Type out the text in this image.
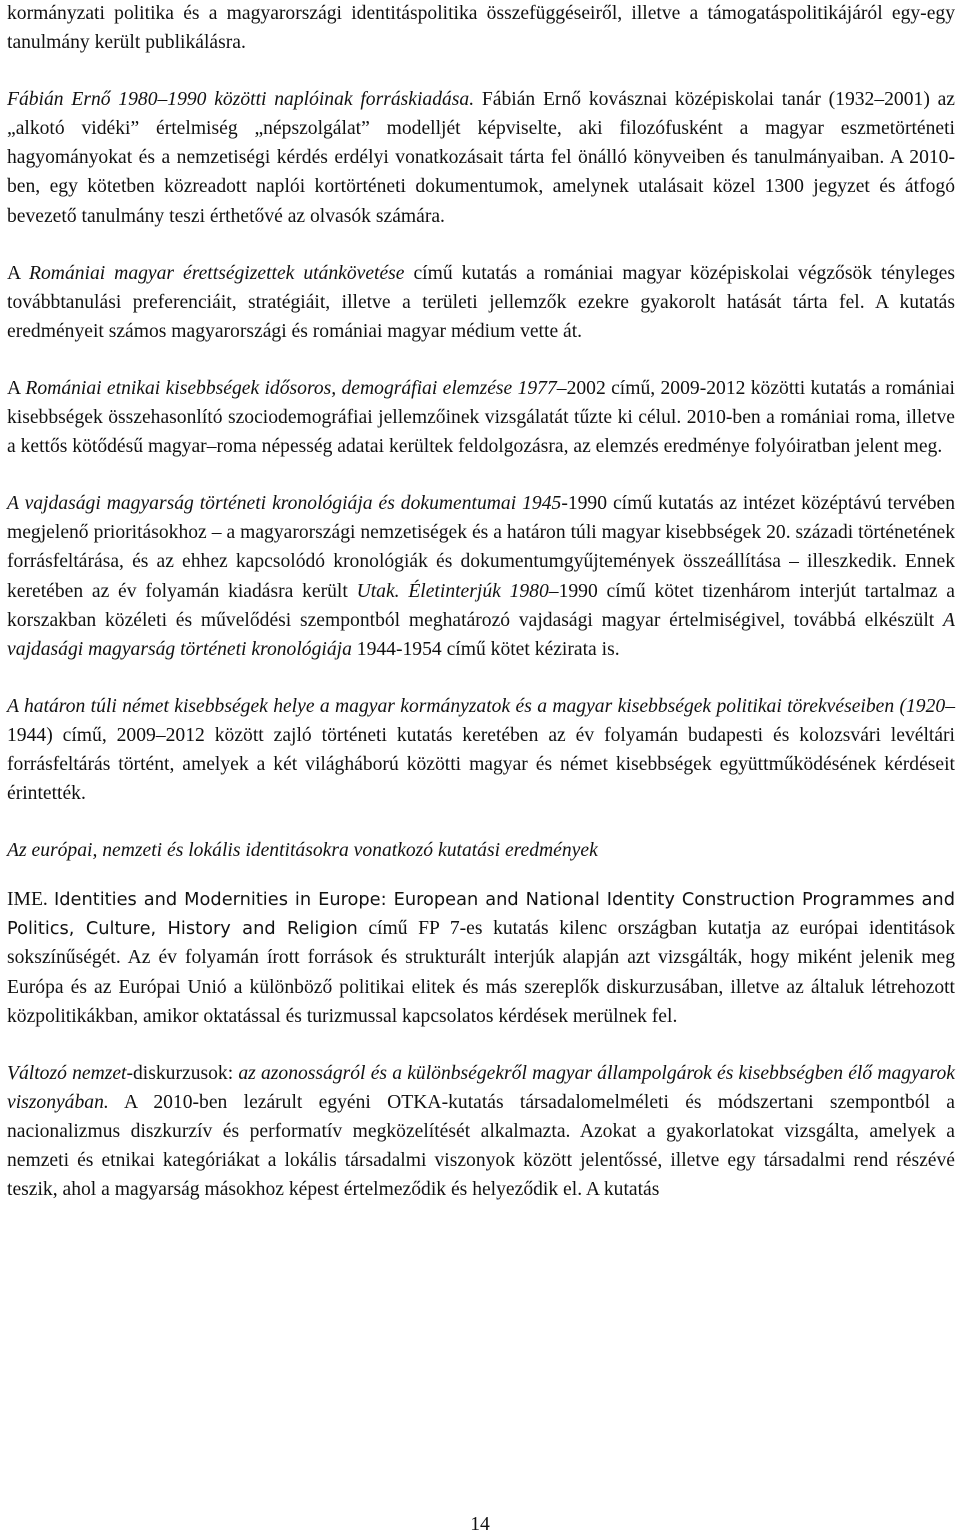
kormányzati politika és a magyarországi identitáspolitika összefüggéseiről, illetve a támogatáspolitikájáról egy-egy tanulmány került publikálásra.

Fábián Ernő 1980–1990 közötti naplóinak forráskiadása. Fábián Ernő kovásznai középiskolai tanár (1932–2001) az „alkotó vidéki” értelmiség „népszolgálat” modelljét képviselte, aki filozófusként a magyar eszmetörténeti hagyományokat és a nemzetiségi kérdés erdélyi vonatkozásait tárta fel önálló könyveiben és tanulmányaiban. A 2010-ben, egy kötetben közreadott naplói kortörténeti dokumentumok, amelynek utalásait közel 1300 jegyzet és átfogó bevezető tanulmány teszi érthetővé az olvasók számára.

A Romániai magyar érettségizettek utánkövetése című kutatás a romániai magyar középiskolai végzősök tényleges továbbtanulási preferenciáit, stratégiáit, illetve a területi jellemzők ezekre gyakorolt hatását tárta fel. A kutatás eredményeit számos magyarországi és romániai magyar médium vette át.

A Romániai etnikai kisebbségek idősoros, demográfiai elemzése 1977–2002 című, 2009-2012 közötti kutatás a romániai kisebbségek összehasonlító szociodemográfiai jellemzőinek vizsgálatát tűzte ki célul. 2010-ben a romániai roma, illetve a kettős kötődésű magyar–roma népesség adatai kerültek feldolgozásra, az elemzés eredménye folyóiratban jelent meg.

A vajdasági magyarság történeti kronológiája és dokumentumai 1945-1990 című kutatás az intézet középtávú tervében megjelenő prioritásokhoz – a magyarországi nemzetiségek és a határon túli magyar kisebbségek 20. századi történetének forrásfeltárása, és az ehhez kapcsolódó kronológiák és dokumentumgyűjtemények összeállítása – illeszkedik. Ennek keretében az év folyamán kiadásra került Utak. Életinterjúk 1980–1990 című kötet tizenhárom interjút tartalmaz a korszakban közéleti és művelődési szempontból meghatározó vajdasági magyar értelmiségivel, továbbá elkészült A vajdasági magyarság történeti kronológiája 1944-1954 című kötet kézirata is.

A határon túli német kisebbségek helye a magyar kormányzatok és a magyar kisebbségek politikai törekvéseiben (1920–1944) című, 2009–2012 között zajló történeti kutatás keretében az év folyamán budapesti és kolozsvári levéltári forrásfeltárás történt, amelyek a két világháború közötti magyar és német kisebbségek együttműködésének kérdéseit érintették.

Az európai, nemzeti és lokális identitásokra vonatkozó kutatási eredmények

IME. Identities and Modernities in Europe: European and National Identity Construction Programmes and Politics, Culture, History and Religion című FP 7-es kutatás kilenc országban kutatja az európai identitások sokszínűségét. Az év folyamán írott források és strukturált interjúk alapján azt vizsgálták, hogy miként jelenik meg Európa és az Európai Unió a különböző politikai elitek és más szereplők diskurzusában, illetve az általuk létrehozott közpolitikákban, amikor oktatással és turizmussal kapcsolatos kérdések merülnek fel.

Változó nemzet-diskurzusok: az azonosságról és a különbségekről magyar állampolgárok és kisebbségben élő magyarok viszonyában. A 2010-ben lezárult egyéni OTKA-kutatás társadalomelméleti és módszertani szempontból a nacionalizmus diszkurzív és performatív megközelítését alkalmazta. Azokat a gyakorlatokat vizsgálta, amelyek a nemzeti és etnikai kategóriákat a lokális társadalmi viszonyok között jelentőssé, illetve egy társadalmi rend részévé teszik, ahol a magyarság másokhoz képest értelmeződik és helyeződik el. A kutatás

14
